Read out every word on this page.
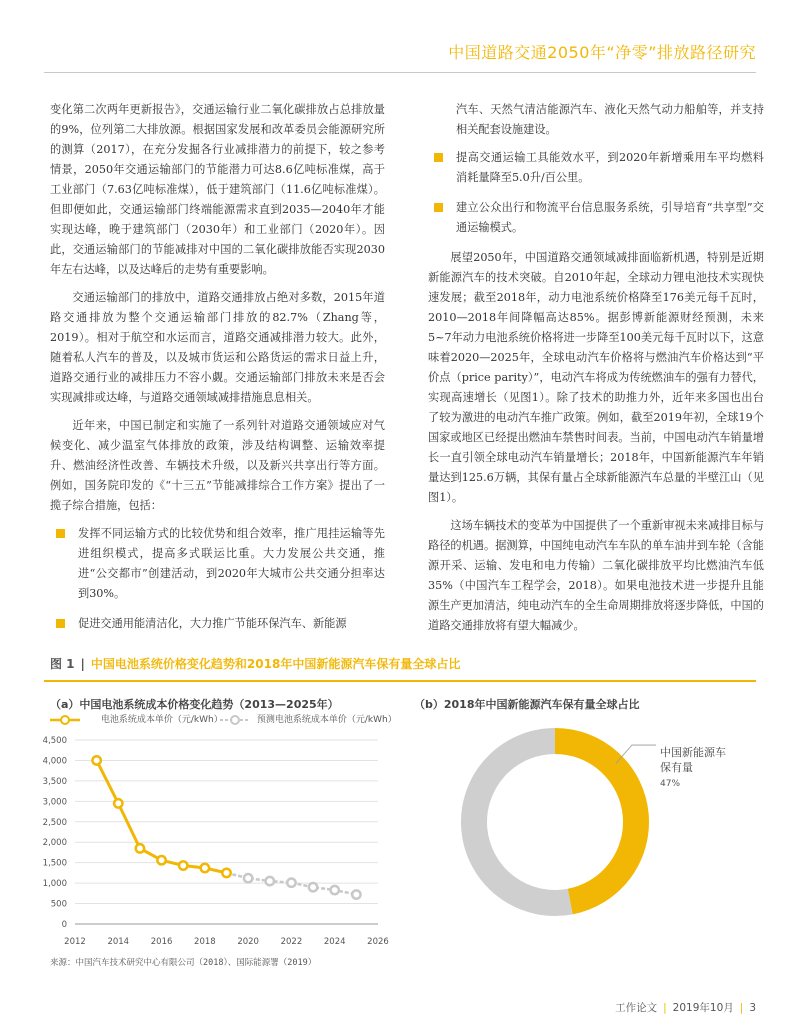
中国道路交通2050年“净零”排放路径研究

变化第二次两年更新报告》，交通运输行业二氧化碳排放占总排放量的9%，位列第二大排放源。根据国家发展和改革委员会能源研究所的测算（2017），在充分发掘各行业减排潜力的前提下，较之参考情景，2050年交通运输部门的节能潜力可达8.6亿吨标准煤，高于工业部门（7.63亿吨标准煤），低于建筑部门（11.6亿吨标准煤）。但即便如此，交通运输部门终端能源需求直到2035—2040年才能实现达峰，晚于建筑部门（2030年）和工业部门（2020年）。因此，交通运输部门的节能减排对中国的二氧化碳排放能否实现2030年左右达峰，以及达峰后的走势有重要影响。

交通运输部门的排放中，道路交通排放占绝对多数，2015年道路交通排放为整个交通运输部门排放的82.7%（Zhang等，2019）。相对于航空和水运而言，道路交通减排潜力较大。此外，随着私人汽车的普及，以及城市货运和公路货运的需求日益上升，道路交通行业的减排压力不容小觑。交通运输部门排放未来是否会实现减排或达峰，与道路交通领域减排措施息息相关。

近年来，中国已制定和实施了一系列针对道路交通领域应对气候变化、减少温室气体排放的政策，涉及结构调整、运输效率提升、燃油经济性改善、车辆技术升级，以及新兴共享出行等方面。例如，国务院印发的《“十三五”节能减排综合工作方案》提出了一揽子综合措施，包括：

发挥不同运输方式的比较优势和组合效率，推广甩挂运输等先进组织模式，提高多式联运比重。大力发展公共交通，推进“公交都市”创建活动，到2020年大城市公共交通分担率达到30%。
促进交通用能清洁化，大力推广节能环保汽车、新能源

汽车、天然气清洁能源汽车、液化天然气动力船舶等，并支持相关配套设施建设。

提高交通运输工具能效水平，到2020年新增乘用车平均燃料消耗量降至5.0升/百公里。
建立公众出行和物流平台信息服务系统，引导培育“共享型”交通运输模式。

展望2050年，中国道路交通领域减排面临新机遇，特别是近期新能源汽车的技术突破。自2010年起，全球动力锂电池技术实现快速发展；截至2018年，动力电池系统价格降至176美元每千瓦时，2010—2018年间降幅高达85%。据彭博新能源财经预测，未来5~7年动力电池系统价格将进一步降至100美元每千瓦时以下，这意味着2020—2025年，全球电动汽车价格将与燃油汽车价格达到“平价点（price parity）”，电动汽车将成为传统燃油车的强有力替代，实现高速增长（见图1）。除了技术的助推力外，近年来多国也出台了较为激进的电动汽车推广政策。例如，截至2019年初，全球19个国家或地区已经提出燃油车禁售时间表。当前，中国电动汽车销量增长一直引领全球电动汽车销量增长；2018年，中国新能源汽车年销量达到125.6万辆，其保有量占全球新能源汽车总量的半壁江山（见图1）。

这场车辆技术的变革为中国提供了一个重新审视未来减排目标与路径的机遇。据测算，中国纯电动汽车车队的单车油井到车轮（含能源开采、运输、发电和电力传输）二氧化碳排放平均比燃油汽车低35%（中国汽车工程学会，2018）。如果电池技术进一步提升且能源生产更加清洁，纯电动汽车的全生命周期排放将逐步降低，中国的道路交通排放将有望大幅减少。

图 1 | 中国电池系统价格变化趋势和2018年中国新能源汽车保有量全球占比
（a）中国电池系统成本价格变化趋势（2013—2025年）	（b）2018年中国新能源汽车保有量全球占比
电池系统成本单价（元/kWh）	预测电池系统成本单价（元/kWh）
0
500
1,000
1,500
2,000
2,500
3,000
3,500
4,000
4,500
2012	2014	2016	2018	2020	2022	2024	2026
中国新能源车保有量
47%
来源：中国汽车技术研究中心有限公司（2018）、国际能源署（2019）
工作论文 | 2019年10月 | 3
